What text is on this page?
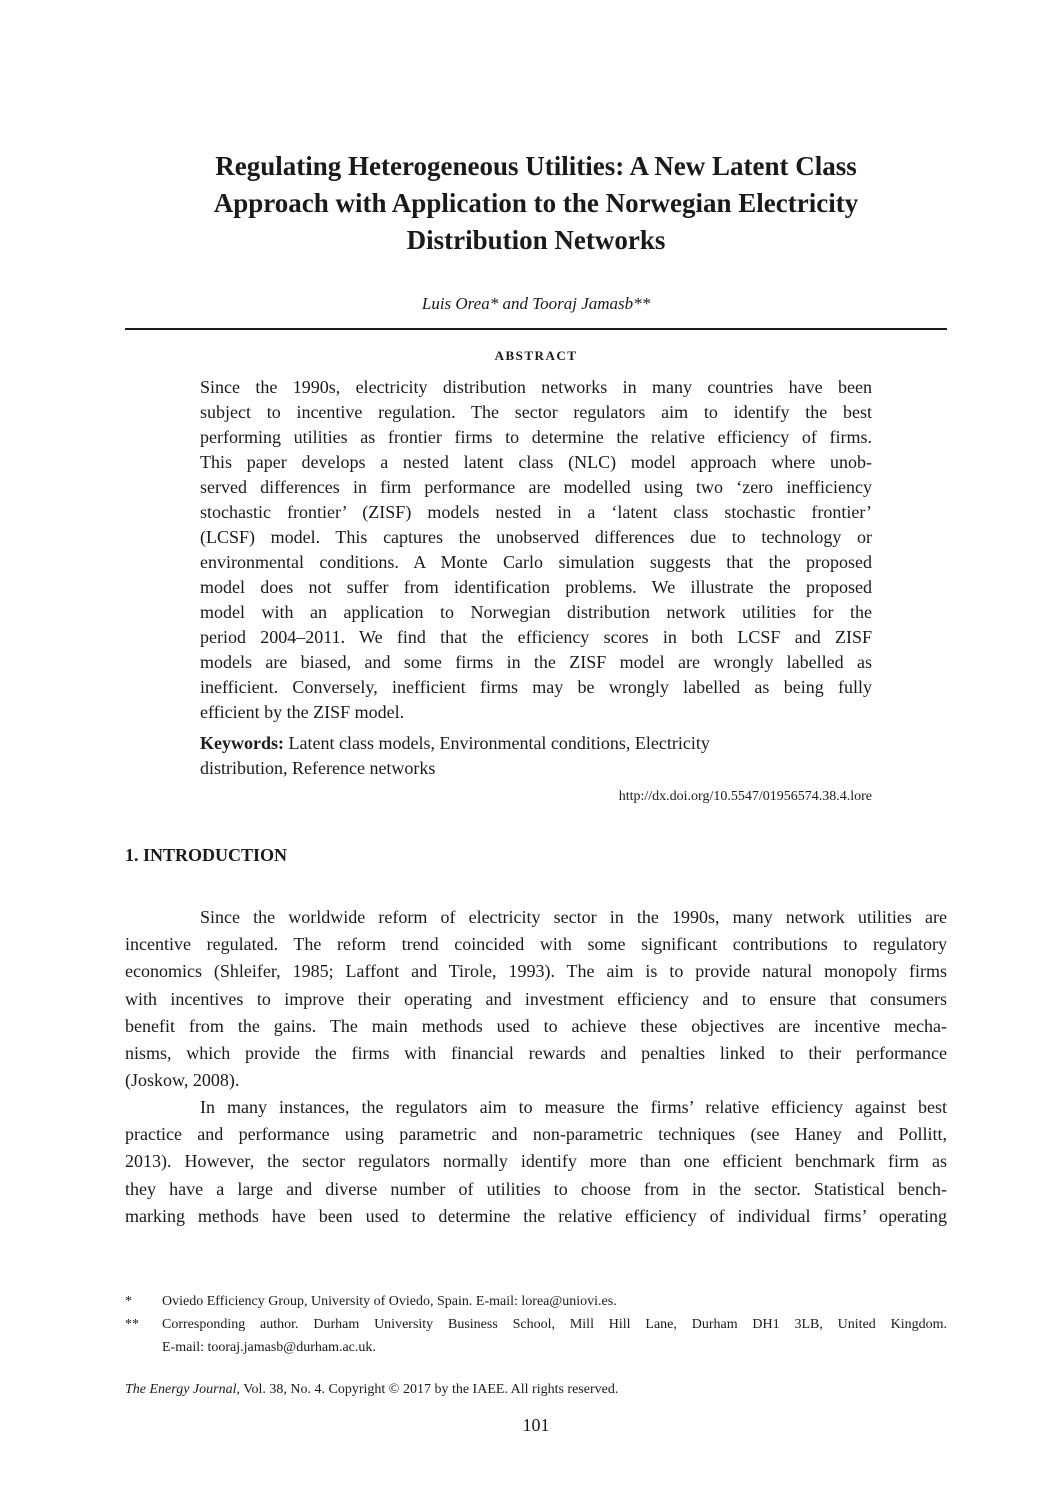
Regulating Heterogeneous Utilities: A New Latent Class
Approach with Application to the Norwegian Electricity
Distribution Networks
Luis Orea* and Tooraj Jamasb**
ABSTRACT
Since the 1990s, electricity distribution networks in many countries have been
subject to incentive regulation. The sector regulators aim to identify the best
performing utilities as frontier firms to determine the relative efficiency of firms.
This paper develops a nested latent class (NLC) model approach where unob-
served differences in firm performance are modelled using two ‘zero inefficiency
stochastic frontier’ (ZISF) models nested in a ‘latent class stochastic frontier’
(LCSF) model. This captures the unobserved differences due to technology or
environmental conditions. A Monte Carlo simulation suggests that the proposed
model does not suffer from identification problems. We illustrate the proposed
model with an application to Norwegian distribution network utilities for the
period 2004–2011. We find that the efficiency scores in both LCSF and ZISF
models are biased, and some firms in the ZISF model are wrongly labelled as
inefficient. Conversely, inefficient firms may be wrongly labelled as being fully
efficient by the ZISF model.
Keywords: Latent class models, Environmental conditions, Electricity
distribution, Reference networks
http://dx.doi.org/10.5547/01956574.38.4.lore
1. INTRODUCTION
Since the worldwide reform of electricity sector in the 1990s, many network utilities are
incentive regulated. The reform trend coincided with some significant contributions to regulatory
economics (Shleifer, 1985; Laffont and Tirole, 1993). The aim is to provide natural monopoly firms
with incentives to improve their operating and investment efficiency and to ensure that consumers
benefit from the gains. The main methods used to achieve these objectives are incentive mecha-
nisms, which provide the firms with financial rewards and penalties linked to their performance
(Joskow, 2008).
In many instances, the regulators aim to measure the firms’ relative efficiency against best
practice and performance using parametric and non-parametric techniques (see Haney and Pollitt,
2013). However, the sector regulators normally identify more than one efficient benchmark firm as
they have a large and diverse number of utilities to choose from in the sector. Statistical bench-
marking methods have been used to determine the relative efficiency of individual firms’ operating
* Oviedo Efficiency Group, University of Oviedo, Spain. E-mail: lorea@uniovi.es.
** Corresponding author. Durham University Business School, Mill Hill Lane, Durham DH1 3LB, United Kingdom.
E-mail: tooraj.jamasb@durham.ac.uk.
The Energy Journal, Vol. 38, No. 4. Copyright © 2017 by the IAEE. All rights reserved.
101
